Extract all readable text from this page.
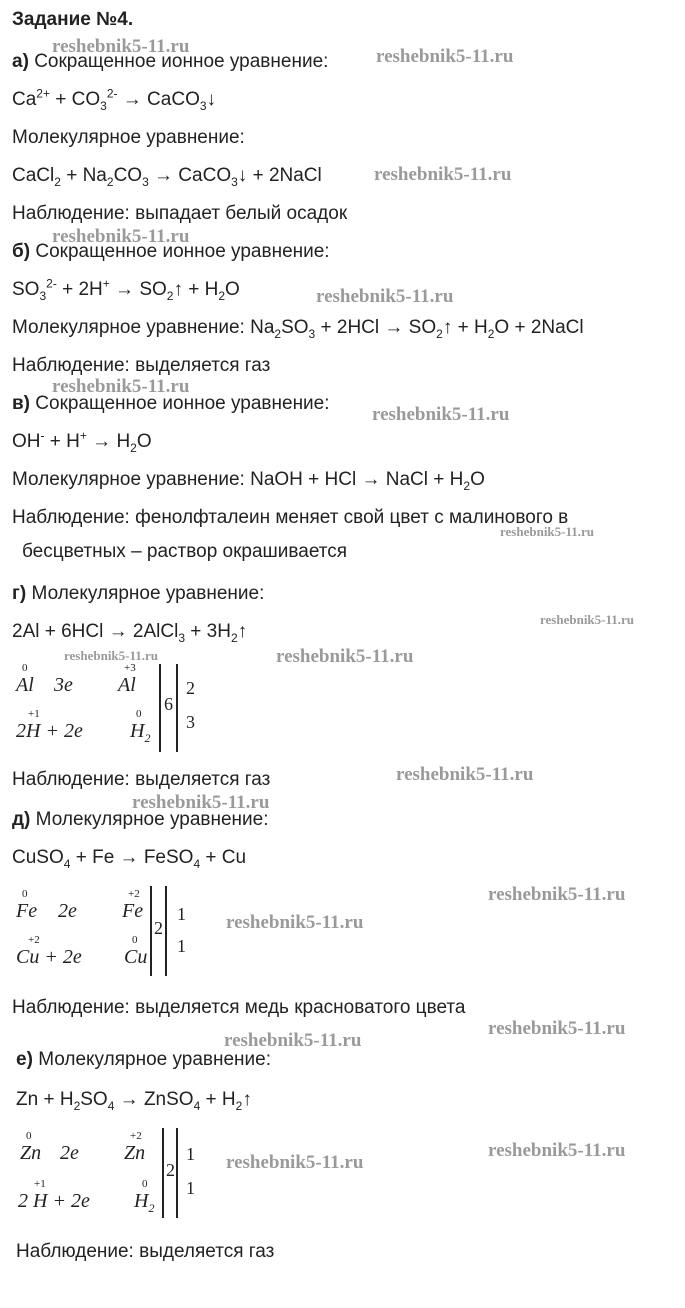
Задание №4.
а) Сокращенное ионное уравнение:
$Ca^{2+} + CO_3^{2-}$ → CaCO$_3$↓
Молекулярное уравнение:
CaCl$_2$ + $Na_2CO_3$ → CaCO$_3$↓ + 2NaCl
Наблюдение: выпадает белый осадок
б) Сокращенное ионное уравнение:
$SO_3^{2-} + 2H^+$ → $SO_2↑ + H_2O$
Молекулярное уравнение: $Na_2SO_3 + 2HCl$ → $SO_2↑ + H_2O$ + 2NaCl
Наблюдение: выделяется газ
в) Сокращенное ионное уравнение:
$OH^- + H^+ \to H_2O$
Молекулярное уравнение: NaOH + HCl → NaCl + $H_2O$
Наблюдение: фенолфталеин меняет свой цвет с малинового в
бесцветных – раствор окрашивается
г) Молекулярное уравнение:
2Al + 6HCl → 2AlCl$_3$ + $3H_2↑$
0
Al 3e
+3
Al
+1
2H + 2e
0
$H_2$
6
2
3
Наблюдение: выделяется газ
д) Молекулярное уравнение:
CuSO$_4$ + Fe → FeSO$_4$ + Cu
0
Fe 2e
+2
Fe
+2
Cu + 2e
0
Cu
2
1
1
Наблюдение: выделяется медь красноватого цвета
е) Молекулярное уравнение:
$Zn + H_2SO_4$ → ZnSO$_4$ + $H_2↑$
0
Zn 2e
+2
Zn
+1
2 H + 2e
0
$H_2$
2
1
1
Наблюдение: выделяется газ
reshebnik5-11.ru	reshebnik5-11.ru
reshebnik5-11.ru
reshebnik5-11.ru
reshebnik5-11.ru
reshebnik5-11.ru
reshebnik5-11.ru
reshebnik5-11.ru
reshebnik5-11.ru
reshebnik5-11.ru	reshebnik5-11.ru
reshebnik5-11.ru
reshebnik5-11.ru
reshebnik5-11.ru
reshebnik5-11.ru
reshebnik5-11.ru
reshebnik5-11.ru
reshebnik5-11.ru
reshebnik5-11.ru
